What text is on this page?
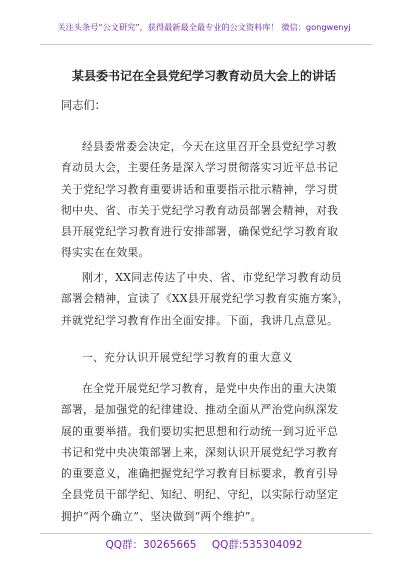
关注头条号“公文研究”，获得最新最全最专业的公文资料库！ 微信：gongwenyj
某县委书记在全县党纪学习教育动员大会上的讲话
同志们：
经县委常委会决定，今天在这里召开全县党纪学习教
育动员大会，主要任务是深入学习贯彻落实习近平总书记
关于党纪学习教育重要讲话和重要指示批示精神，学习贯
彻中央、省、市关于党纪学习教育动员部署会精神，对我
县开展党纪学习教育进行安排部署，确保党纪学习教育取
得实实在在效果。
刚才，XX同志传达了中央、省、市党纪学习教育动员
部署会精神，宣读了《XX县开展党纪学习教育实施方案》，
并就党纪学习教育作出全面安排。下面，我讲几点意见。
一、充分认识开展党纪学习教育的重大意义
在全党开展党纪学习教育，是党中央作出的重大决策
部署，是加强党的纪律建设、推动全面从严治党向纵深发
展的重要举措。我们要切实把思想和行动统一到习近平总
书记和党中央决策部署上来，深刻认识开展党纪学习教育
的重要意义，准确把握党纪学习教育目标要求，教育引导
全县党员干部学纪、知纪、明纪、守纪，以实际行动坚定
拥护“两个确立”、坚决做到“两个维护”。
QQ群：30265665 QQ群:535304092
